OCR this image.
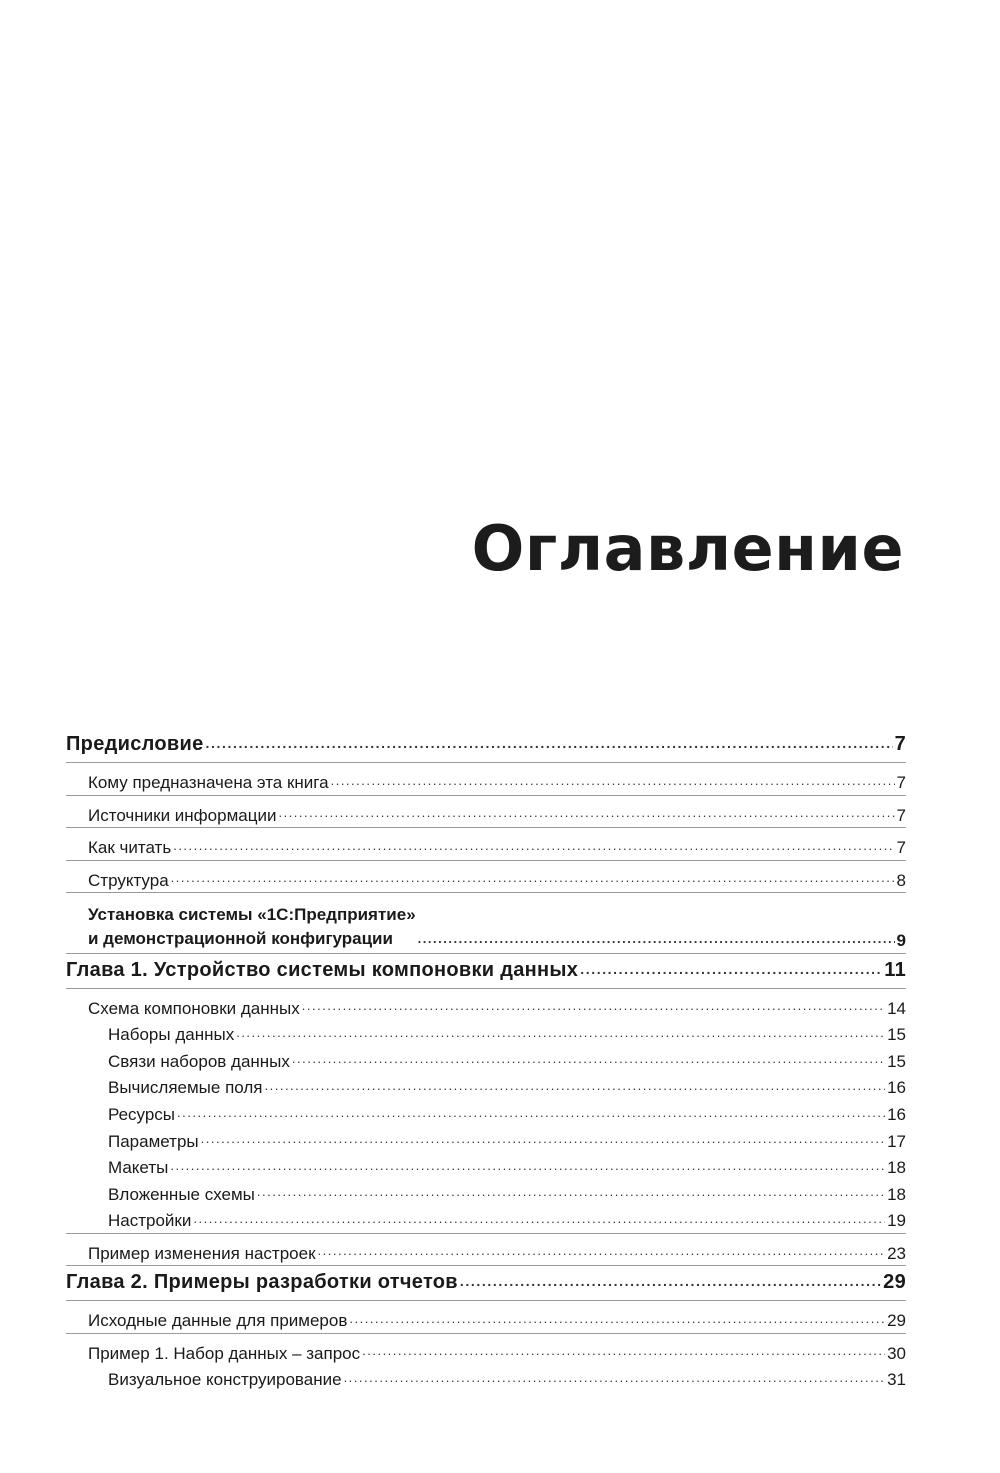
Оглавление
Предисловие .....	7
Кому предназначена эта книга .....	7
Источники информации .....	7
Как читать .....	7
Структура .....	8
Установка системы «1С:Предприятие»
и демонстрационной конфигурации .....	9
Глава 1. Устройство системы компоновки данных .....	11
Схема компоновки данных .....	14
Наборы данных .....	15
Связи наборов данных .....	15
Вычисляемые поля .....	16
Ресурсы .....	16
Параметры .....	17
Макеты .....	18
Вложенные схемы .....	18
Настройки .....	19
Пример изменения настроек .....	23
Глава 2. Примеры разработки отчетов .....	29
Исходные данные для примеров .....	29
Пример 1. Набор данных – запрос .....	30
Визуальное конструирование .....	31
